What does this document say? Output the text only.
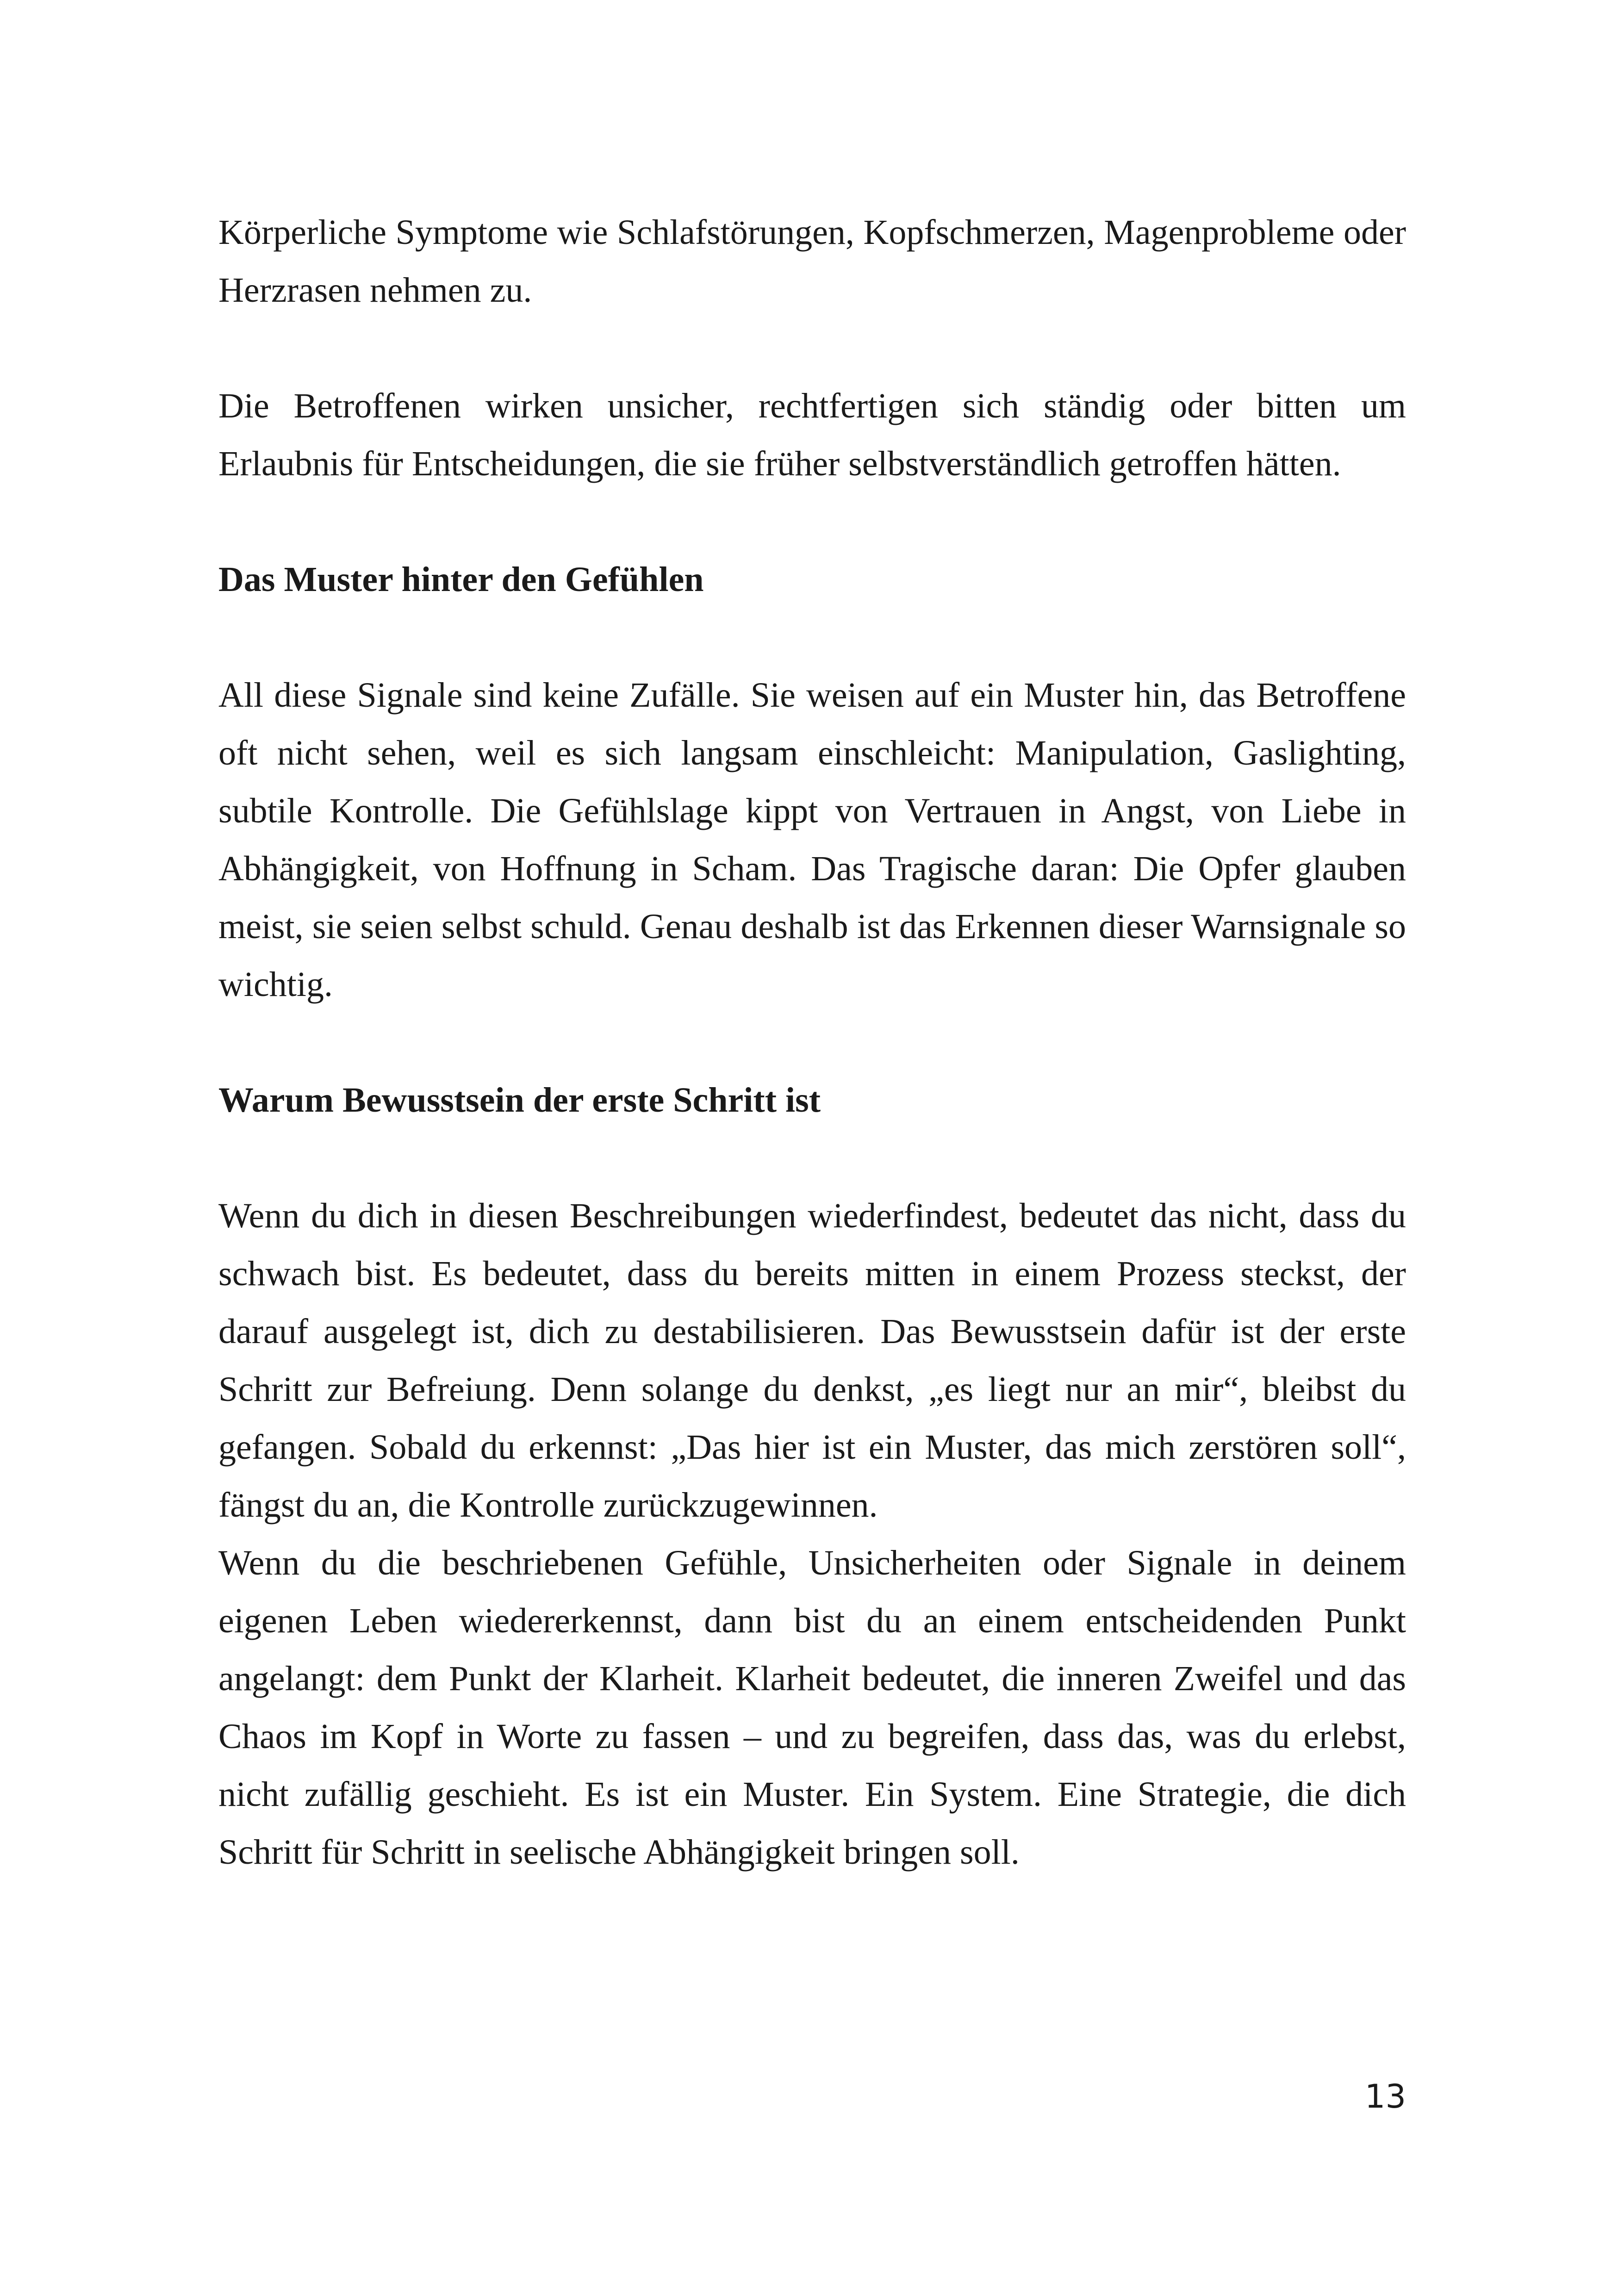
Körperliche Symptome wie Schlafstörungen, Kopfschmerzen, Magenprobleme oder Herzrasen nehmen zu.

Die Betroffenen wirken unsicher, rechtfertigen sich ständig oder bitten um Erlaubnis für Entscheidungen, die sie früher selbstverständlich getroffen hätten.

Das Muster hinter den Gefühlen

All diese Signale sind keine Zufälle. Sie weisen auf ein Muster hin, das Betroffene oft nicht sehen, weil es sich langsam einschleicht: Manipulation, Gaslighting, subtile Kontrolle. Die Gefühlslage kippt von Vertrauen in Angst, von Liebe in Abhängigkeit, von Hoffnung in Scham. Das Tragische daran: Die Opfer glauben meist, sie seien selbst schuld. Genau deshalb ist das Erkennen dieser Warnsignale so wichtig.

Warum Bewusstsein der erste Schritt ist

Wenn du dich in diesen Beschreibungen wiederfindest, bedeutet das nicht, dass du schwach bist. Es bedeutet, dass du bereits mitten in einem Prozess steckst, der darauf ausgelegt ist, dich zu destabilisieren. Das Bewusstsein dafür ist der erste Schritt zur Befreiung. Denn solange du denkst, „es liegt nur an mir“, bleibst du gefangen. Sobald du erkennst: „Das hier ist ein Muster, das mich zerstören soll“, fängst du an, die Kontrolle zurückzugewinnen.

Wenn du die beschriebenen Gefühle, Unsicherheiten oder Signale in deinem eigenen Leben wiedererkennst, dann bist du an einem entscheidenden Punkt angelangt: dem Punkt der Klarheit. Klarheit bedeutet, die inneren Zweifel und das Chaos im Kopf in Worte zu fassen – und zu begreifen, dass das, was du erlebst, nicht zufällig geschieht. Es ist ein Muster. Ein System. Eine Strategie, die dich Schritt für Schritt in seelische Abhängigkeit bringen soll.

13
